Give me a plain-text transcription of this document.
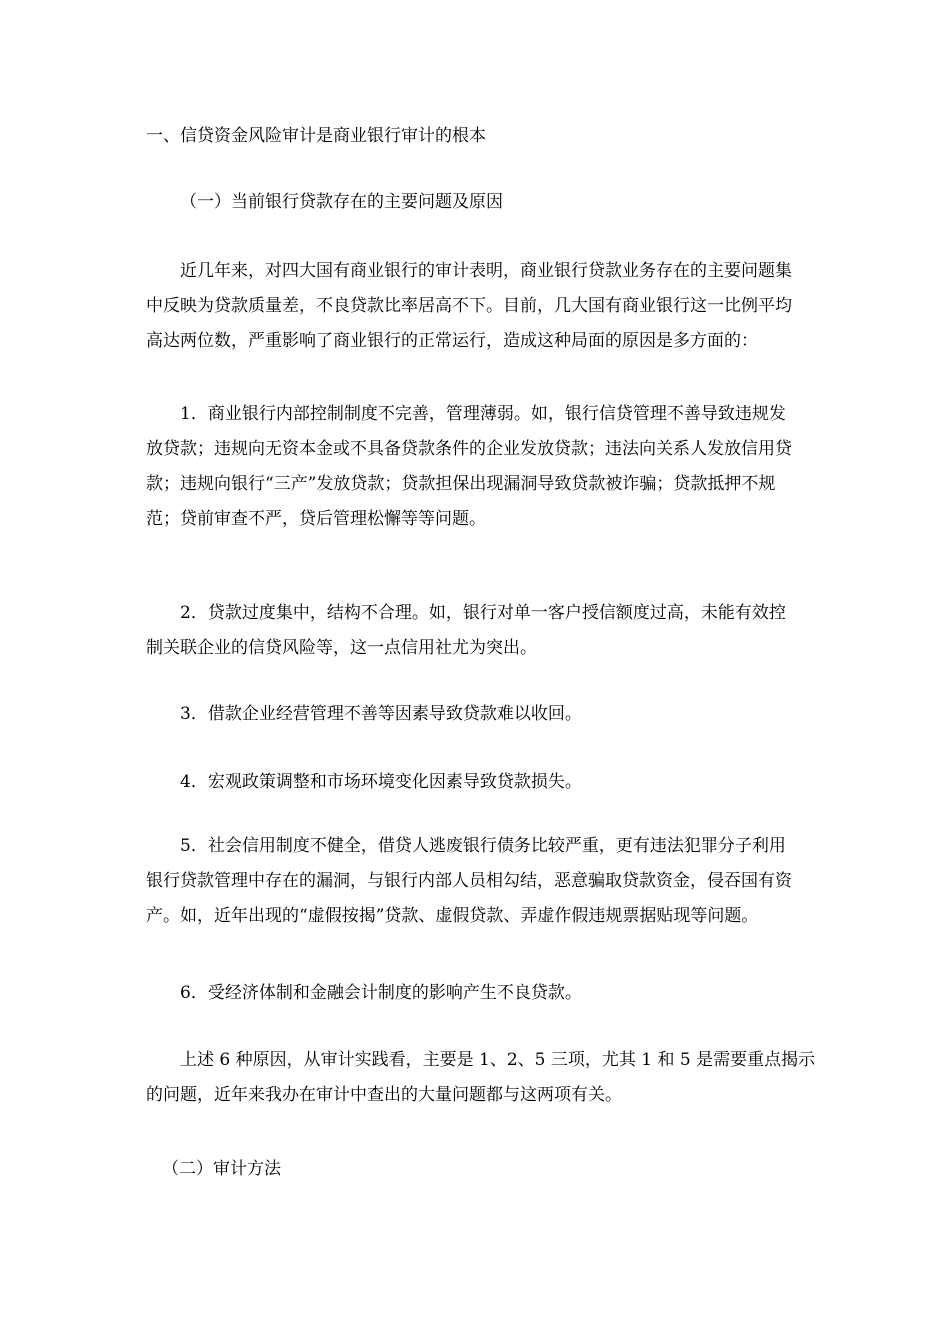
一、信贷资金风险审计是商业银行审计的根本

（一）当前银行贷款存在的主要问题及原因

近几年来，对四大国有商业银行的审计表明，商业银行贷款业务存在的主要问题集
中反映为贷款质量差，不良贷款比率居高不下。目前，几大国有商业银行这一比例平均
高达两位数，严重影响了商业银行的正常运行，造成这种局面的原因是多方面的：

1．商业银行内部控制制度不完善，管理薄弱。如，银行信贷管理不善导致违规发
放贷款；违规向无资本金或不具备贷款条件的企业发放贷款；违法向关系人发放信用贷
款；违规向银行“三产”发放贷款；贷款担保出现漏洞导致贷款被诈骗；贷款抵押不规
范；贷前审查不严，贷后管理松懈等等问题。

2．贷款过度集中，结构不合理。如，银行对单一客户授信额度过高，未能有效控
制关联企业的信贷风险等，这一点信用社尤为突出。

3．借款企业经营管理不善等因素导致贷款难以收回。

4．宏观政策调整和市场环境变化因素导致贷款损失。

5．社会信用制度不健全，借贷人逃废银行债务比较严重，更有违法犯罪分子利用
银行贷款管理中存在的漏洞，与银行内部人员相勾结，恶意骗取贷款资金，侵吞国有资
产。如，近年出现的“虚假按揭”贷款、虚假贷款、弄虚作假违规票据贴现等问题。

6．受经济体制和金融会计制度的影响产生不良贷款。

上述 6 种原因，从审计实践看，主要是 1、2、5 三项，尤其 1 和 5 是需要重点揭示
的问题，近年来我办在审计中查出的大量问题都与这两项有关。

（二）审计方法
